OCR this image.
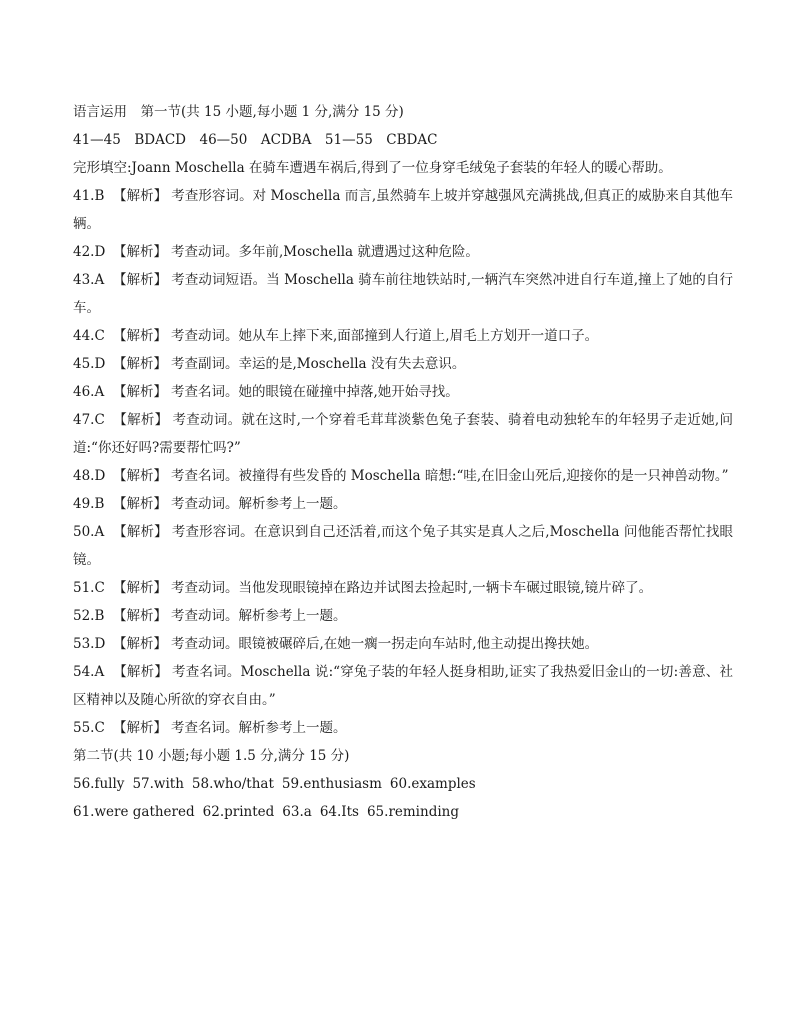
语言运用　第一节(共 15 小题,每小题 1 分,满分 15 分)
41—45　BDACD　46—50　ACDBA　51—55　CBDAC
完形填空:Joann Moschella 在骑车遭遇车祸后,得到了一位身穿毛绒兔子套装的年轻人的暖心帮助。
41.B 【解析】 考查形容词。对 Moschella 而言,虽然骑车上坡并穿越强风充满挑战,但真正的威胁来自其他车辆。
42.D 【解析】 考查动词。多年前,Moschella 就遭遇过这种危险。
43.A 【解析】 考查动词短语。当 Moschella 骑车前往地铁站时,一辆汽车突然冲进自行车道,撞上了她的自行车。
44.C 【解析】 考查动词。她从车上摔下来,面部撞到人行道上,眉毛上方划开一道口子。
45.D 【解析】 考查副词。幸运的是,Moschella 没有失去意识。
46.A 【解析】 考查名词。她的眼镜在碰撞中掉落,她开始寻找。
47.C 【解析】 考查动词。就在这时,一个穿着毛茸茸淡紫色兔子套装、骑着电动独轮车的年轻男子走近她,问道:“你还好吗?需要帮忙吗?”
48.D 【解析】 考查名词。被撞得有些发昏的 Moschella 暗想:“哇,在旧金山死后,迎接你的是一只神兽动物。”
49.B 【解析】 考查动词。解析参考上一题。
50.A 【解析】 考查形容词。在意识到自己还活着,而这个兔子其实是真人之后,Moschella 问他能否帮忙找眼镜。
51.C 【解析】 考查动词。当他发现眼镜掉在路边并试图去捡起时,一辆卡车碾过眼镜,镜片碎了。
52.B 【解析】 考查动词。解析参考上一题。
53.D 【解析】 考查动词。眼镜被碾碎后,在她一瘸一拐走向车站时,他主动提出搀扶她。
54.A 【解析】 考查名词。Moschella 说:“穿兔子装的年轻人挺身相助,证实了我热爱旧金山的一切:善意、社区精神以及随心所欲的穿衣自由。”
55.C 【解析】 考查名词。解析参考上一题。
第二节(共 10 小题;每小题 1.5 分,满分 15 分)
56.fully 57.with 58.who/that 59.enthusiasm 60.examples
61.were gathered 62.printed 63.a 64.Its 65.reminding
